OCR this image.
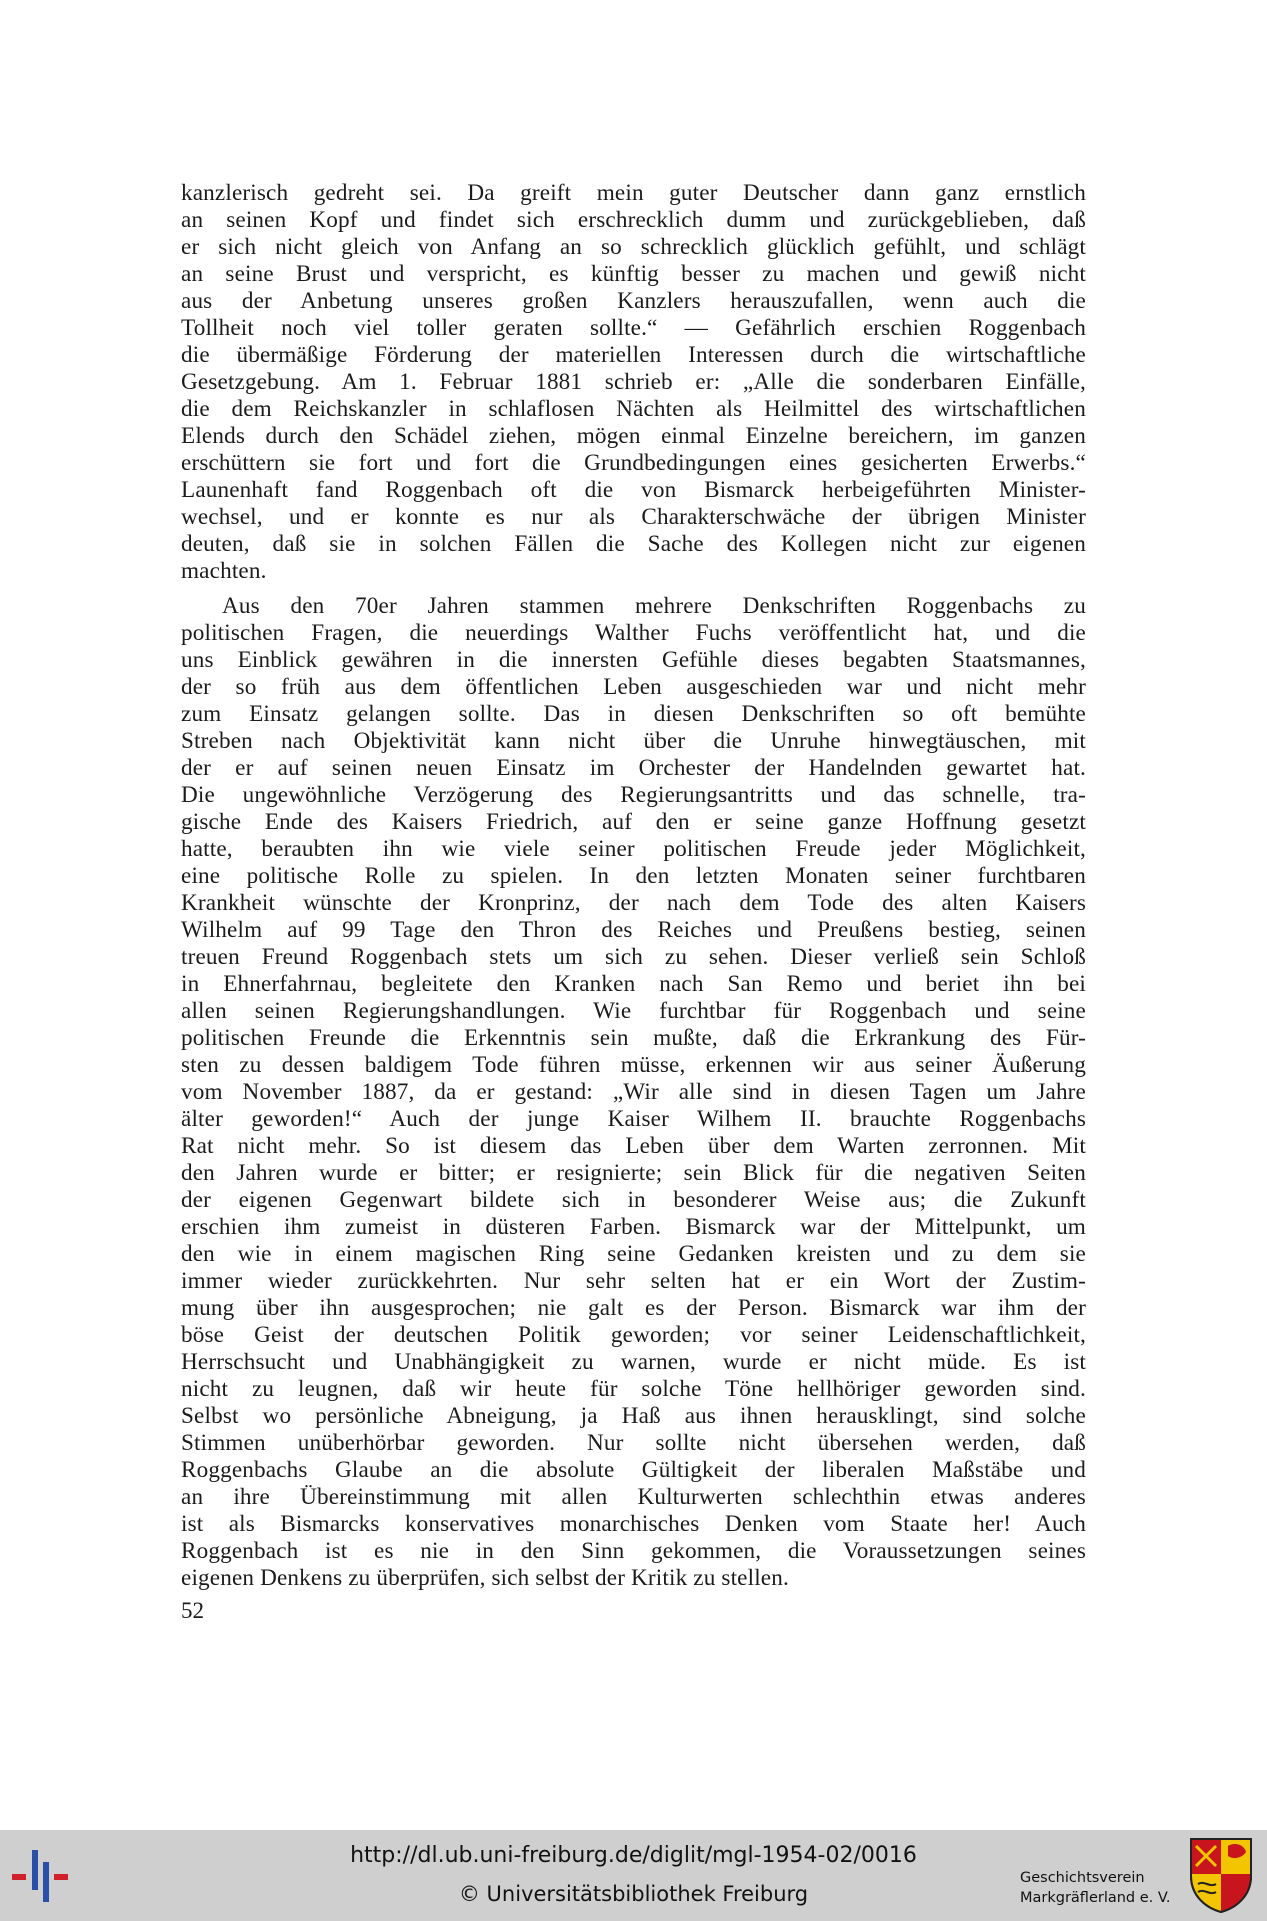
kanzlerisch gedreht sei. Da greift mein guter Deutscher dann ganz ernstlich
an seinen Kopf und findet sich erschrecklich dumm und zurückgeblieben, daß
er sich nicht gleich von Anfang an so schrecklich glücklich gefühlt, und schlägt
an seine Brust und verspricht, es künftig besser zu machen und gewiß nicht
aus der Anbetung unseres großen Kanzlers herauszufallen, wenn auch die
Tollheit noch viel toller geraten sollte.“ — Gefährlich erschien Roggenbach
die übermäßige Förderung der materiellen Interessen durch die wirtschaftliche
Gesetzgebung. Am 1. Februar 1881 schrieb er: „Alle die sonderbaren Einfälle,
die dem Reichskanzler in schlaflosen Nächten als Heilmittel des wirtschaftlichen
Elends durch den Schädel ziehen, mögen einmal Einzelne bereichern, im ganzen
erschüttern sie fort und fort die Grundbedingungen eines gesicherten Erwerbs.“
Launenhaft fand Roggenbach oft die von Bismarck herbeigeführten Minister-
wechsel, und er konnte es nur als Charakterschwäche der übrigen Minister
deuten, daß sie in solchen Fällen die Sache des Kollegen nicht zur eigenen
machten.
Aus den 70er Jahren stammen mehrere Denkschriften Roggenbachs zu
politischen Fragen, die neuerdings Walther Fuchs veröffentlicht hat, und die
uns Einblick gewähren in die innersten Gefühle dieses begabten Staatsmannes,
der so früh aus dem öffentlichen Leben ausgeschieden war und nicht mehr
zum Einsatz gelangen sollte. Das in diesen Denkschriften so oft bemühte
Streben nach Objektivität kann nicht über die Unruhe hinwegtäuschen, mit
der er auf seinen neuen Einsatz im Orchester der Handelnden gewartet hat.
Die ungewöhnliche Verzögerung des Regierungsantritts und das schnelle, tra-
gische Ende des Kaisers Friedrich, auf den er seine ganze Hoffnung gesetzt
hatte, beraubten ihn wie viele seiner politischen Freude jeder Möglichkeit,
eine politische Rolle zu spielen. In den letzten Monaten seiner furchtbaren
Krankheit wünschte der Kronprinz, der nach dem Tode des alten Kaisers
Wilhelm auf 99 Tage den Thron des Reiches und Preußens bestieg, seinen
treuen Freund Roggenbach stets um sich zu sehen. Dieser verließ sein Schloß
in Ehnerfahrnau, begleitete den Kranken nach San Remo und beriet ihn bei
allen seinen Regierungshandlungen. Wie furchtbar für Roggenbach und seine
politischen Freunde die Erkenntnis sein mußte, daß die Erkrankung des Für-
sten zu dessen baldigem Tode führen müsse, erkennen wir aus seiner Äußerung
vom November 1887, da er gestand: „Wir alle sind in diesen Tagen um Jahre
älter geworden!“ Auch der junge Kaiser Wilhem II. brauchte Roggenbachs
Rat nicht mehr. So ist diesem das Leben über dem Warten zerronnen. Mit
den Jahren wurde er bitter; er resignierte; sein Blick für die negativen Seiten
der eigenen Gegenwart bildete sich in besonderer Weise aus; die Zukunft
erschien ihm zumeist in düsteren Farben. Bismarck war der Mittelpunkt, um
den wie in einem magischen Ring seine Gedanken kreisten und zu dem sie
immer wieder zurückkehrten. Nur sehr selten hat er ein Wort der Zustim-
mung über ihn ausgesprochen; nie galt es der Person. Bismarck war ihm der
böse Geist der deutschen Politik geworden; vor seiner Leidenschaftlichkeit,
Herrschsucht und Unabhängigkeit zu warnen, wurde er nicht müde. Es ist
nicht zu leugnen, daß wir heute für solche Töne hellhöriger geworden sind.
Selbst wo persönliche Abneigung, ja Haß aus ihnen herausklingt, sind solche
Stimmen unüberhörbar geworden. Nur sollte nicht übersehen werden, daß
Roggenbachs Glaube an die absolute Gültigkeit der liberalen Maßstäbe und
an ihre Übereinstimmung mit allen Kulturwerten schlechthin etwas anderes
ist als Bismarcks konservatives monarchisches Denken vom Staate her! Auch
Roggenbach ist es nie in den Sinn gekommen, die Voraussetzungen seines
eigenen Denkens zu überprüfen, sich selbst der Kritik zu stellen.
52
http://dl.ub.uni-freiburg.de/diglit/mgl-1954-02/0016
© Universitätsbibliothek Freiburg
Geschichtsverein
Markgräflerland e. V.
